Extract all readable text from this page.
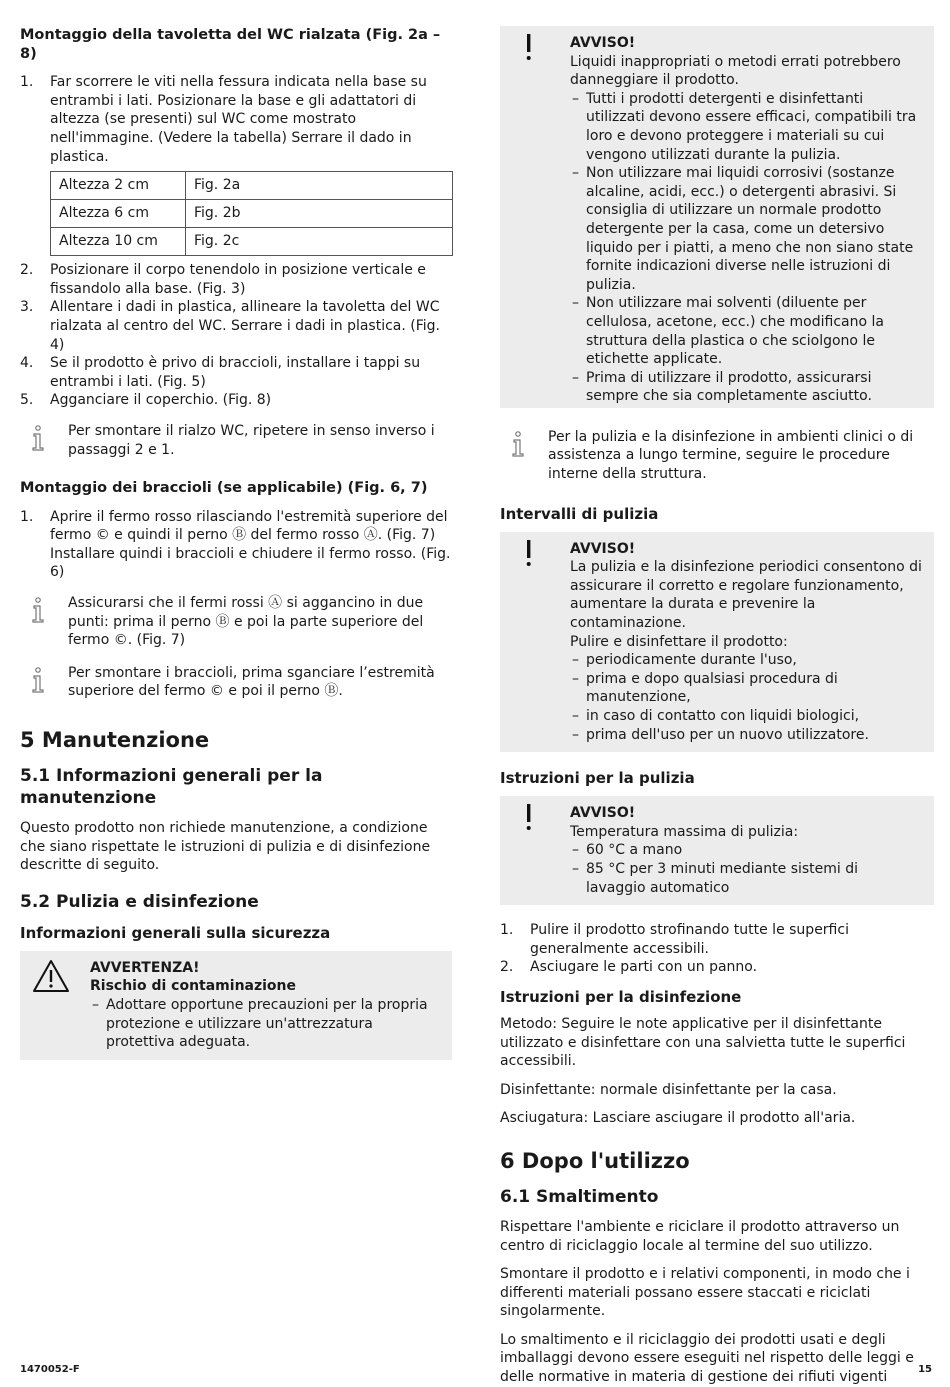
Montaggio della tavoletta del WC rialzata (Fig. 2a – 8)

1. Far scorrere le viti nella fessura indicata nella base su entrambi i lati. Posizionare la base e gli adattatori di altezza (se presenti) sul WC come mostrato nell'immagine. (Vedere la tabella) Serrare il dado in plastica.
Altezza 2 cm	Fig. 2a
Altezza 6 cm	Fig. 2b
Altezza 10 cm	Fig. 2c
2. Posizionare il corpo tenendolo in posizione verticale e fissandolo alla base. (Fig. 3)
3. Allentare i dadi in plastica, allineare la tavoletta del WC rialzata al centro del WC. Serrare i dadi in plastica. (Fig. 4)
4. Se il prodotto è privo di braccioli, installare i tappi su entrambi i lati. (Fig. 5)
5. Agganciare il coperchio. (Fig. 8)

Per smontare il rialzo WC, ripetere in senso inverso i passaggi 2 e 1.

Montaggio dei braccioli (se applicabile) (Fig. 6, 7)

1. Aprire il fermo rosso rilasciando l'estremità superiore del fermo © e quindi il perno Ⓑ del fermo rosso Ⓐ. (Fig. 7) Installare quindi i braccioli e chiudere il fermo rosso. (Fig. 6)

Assicurarsi che il fermi rossi Ⓐ si aggancino in due punti: prima il perno Ⓑ e poi la parte superiore del fermo ©. (Fig. 7)

Per smontare i braccioli, prima sganciare l’estremità superiore del fermo © e poi il perno Ⓑ.

5 Manutenzione

5.1 Informazioni generali per la manutenzione

Questo prodotto non richiede manutenzione, a condizione che siano rispettate le istruzioni di pulizia e di disinfezione descritte di seguito.

5.2 Pulizia e disinfezione

Informazioni generali sulla sicurezza

AVVERTENZA!

Rischio di contaminazione

– Adottare opportune precauzioni per la propria protezione e utilizzare un'attrezzatura protettiva adeguata.

AVVISO!

Liquidi inappropriati o metodi errati potrebbero danneggiare il prodotto.

– Tutti i prodotti detergenti e disinfettanti utilizzati devono essere efficaci, compatibili tra loro e devono proteggere i materiali su cui vengono utilizzati durante la pulizia.
– Non utilizzare mai liquidi corrosivi (sostanze alcaline, acidi, ecc.) o detergenti abrasivi. Si consiglia di utilizzare un normale prodotto detergente per la casa, come un detersivo liquido per i piatti, a meno che non siano state fornite indicazioni diverse nelle istruzioni di pulizia.
– Non utilizzare mai solventi (diluente per cellulosa, acetone, ecc.) che modificano la struttura della plastica o che sciolgono le etichette applicate.
– Prima di utilizzare il prodotto, assicurarsi sempre che sia completamente asciutto.

Per la pulizia e la disinfezione in ambienti clinici o di assistenza a lungo termine, seguire le procedure interne della struttura.

Intervalli di pulizia

AVVISO!

La pulizia e la disinfezione periodici consentono di assicurare il corretto e regolare funzionamento, aumentare la durata e prevenire la contaminazione.

Pulire e disinfettare il prodotto:

– periodicamente durante l'uso,
– prima e dopo qualsiasi procedura di manutenzione,
– in caso di contatto con liquidi biologici,
– prima dell'uso per un nuovo utilizzatore.

Istruzioni per la pulizia

AVVISO!

Temperatura massima di pulizia:

– 60 °C a mano
– 85 °C per 3 minuti mediante sistemi di lavaggio automatico
1. Pulire il prodotto strofinando tutte le superfici generalmente accessibili.
2. Asciugare le parti con un panno.

Istruzioni per la disinfezione

Metodo: Seguire le note applicative per il disinfettante utilizzato e disinfettare con una salvietta tutte le superfici accessibili.

Disinfettante: normale disinfettante per la casa.

Asciugatura: Lasciare asciugare il prodotto all'aria.

6 Dopo l'utilizzo

6.1 Smaltimento

Rispettare l'ambiente e riciclare il prodotto attraverso un centro di riciclaggio locale al termine del suo utilizzo.

Smontare il prodotto e i relativi componenti, in modo che i differenti materiali possano essere staccati e riciclati singolarmente.

Lo smaltimento e il riciclaggio dei prodotti usati e degli imballaggi devono essere eseguiti nel rispetto delle leggi e delle normative in materia di gestione dei rifiuti vigenti

1470052-F	15
